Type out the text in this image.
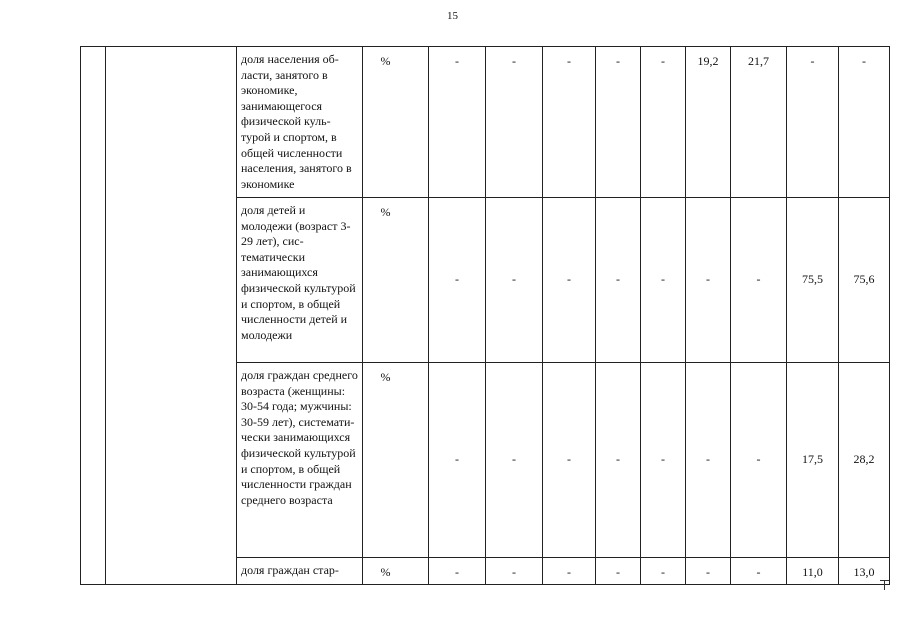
15
		доля населения об-ласти, занятого в экономике, занимающегося физической куль-турой и спортом, в общей численности населения, занятого в экономике	%	-	-	-	-	-	19,2	21,7	-	-
		доля детей и молодежи (возраст 3-29 лет), сис-тематически занимающихся физической культурой и спортом, в общей численности детей и молодежи	%	-	-	-	-	-	-	-	75,5	75,6
		доля граждан среднего возраста (женщины: 30-54 года; мужчины: 30-59 лет), системати-чески занимающихся физической культурой и спортом, в общей численности граждан среднего возраста	%	-	-	-	-	-	-	-	17,5	28,2
		доля граждан стар-	%	-	-	-	-	-	-	-	11,0	13,0
